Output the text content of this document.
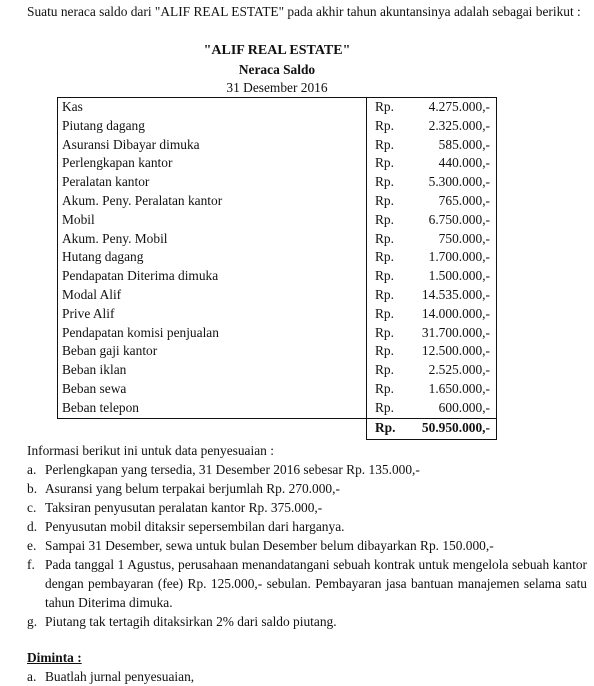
Suatu neraca saldo dari "ALIF REAL ESTATE" pada akhir tahun akuntansinya adalah sebagai berikut :
"ALIF REAL ESTATE"
Neraca Saldo
31 Desember 2016
Kas	Rp.	4.275.000,-
Piutang dagang	Rp.	2.325.000,-
Asuransi Dibayar dimuka	Rp.	585.000,-
Perlengkapan kantor	Rp.	440.000,-
Peralatan kantor	Rp.	5.300.000,-
Akum. Peny. Peralatan kantor	Rp.	765.000,-
Mobil	Rp.	6.750.000,-
Akum. Peny. Mobil	Rp.	750.000,-
Hutang dagang	Rp.	1.700.000,-
Pendapatan Diterima dimuka	Rp.	1.500.000,-
Modal Alif	Rp.	14.535.000,-
Prive Alif	Rp.	14.000.000,-
Pendapatan komisi penjualan	Rp.	31.700.000,-
Beban gaji kantor	Rp.	12.500.000,-
Beban iklan	Rp.	2.525.000,-
Beban sewa	Rp.	1.650.000,-
Beban telepon	Rp.	600.000,-
	Rp.	50.950.000,-
Informasi berikut ini untuk data penyesuaian :
a. Perlengkapan yang tersedia, 31 Desember 2016 sebesar Rp. 135.000,-
b. Asuransi yang belum terpakai berjumlah Rp. 270.000,-
c. Taksiran penyusutan peralatan kantor Rp. 375.000,-
d. Penyusutan mobil ditaksir sepersembilan dari harganya.
e. Sampai 31 Desember, sewa untuk bulan Desember belum dibayarkan Rp. 150.000,-
f. Pada tanggal 1 Agustus, perusahaan menandatangani sebuah kontrak untuk mengelola sebuah kantor dengan pembayaran (fee) Rp. 125.000,- sebulan. Pembayaran jasa bantuan manajemen selama satu tahun Diterima dimuka.
g. Piutang tak tertagih ditaksirkan 2% dari saldo piutang.
Diminta :
a. Buatlah jurnal penyesuaian,
